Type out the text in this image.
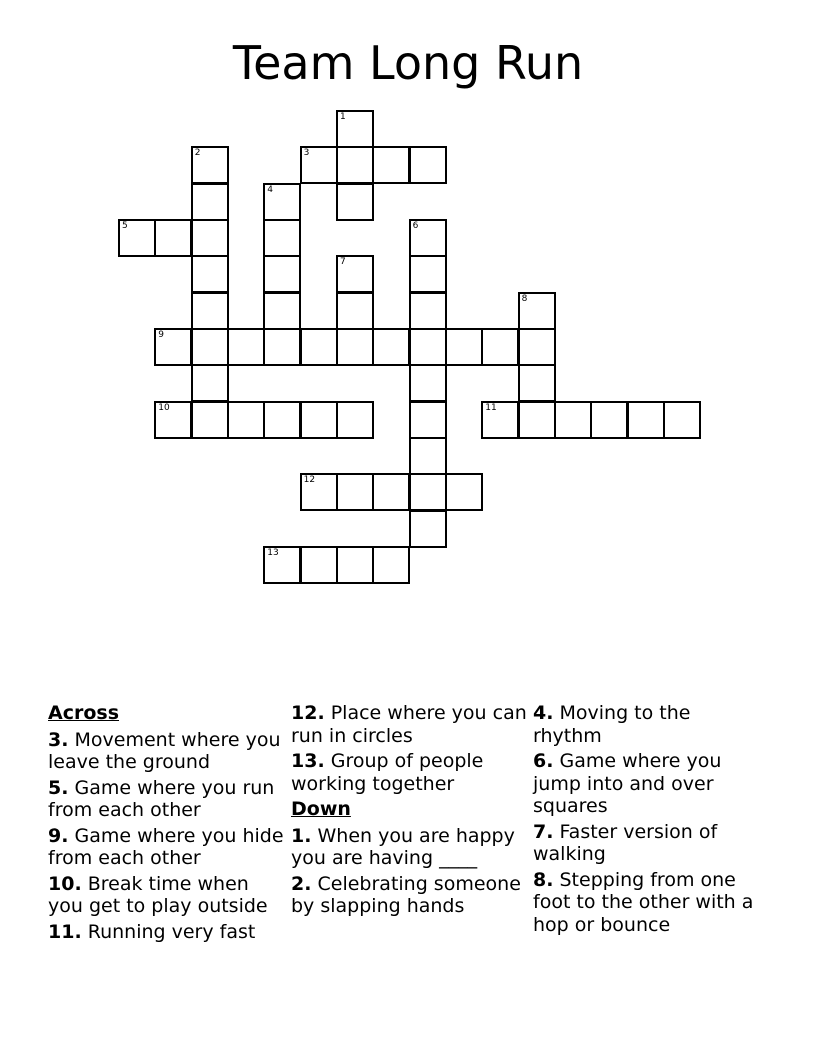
Team Long Run
1
2	3
4
5	6
7
8
9
10	11
12
13
Across
3. Movement where you leave the ground
5. Game where you run from each other
9. Game where you hide from each other
10. Break time when you get to play outside
11. Running very fast
12. Place where you can run in circles
13. Group of people working together
Down
1. When you are happy you are having ____
2. Celebrating someone by slapping hands
4. Moving to the rhythm
6. Game where you jump into and over squares
7. Faster version of walking
8. Stepping from one foot to the other with a hop or bounce
